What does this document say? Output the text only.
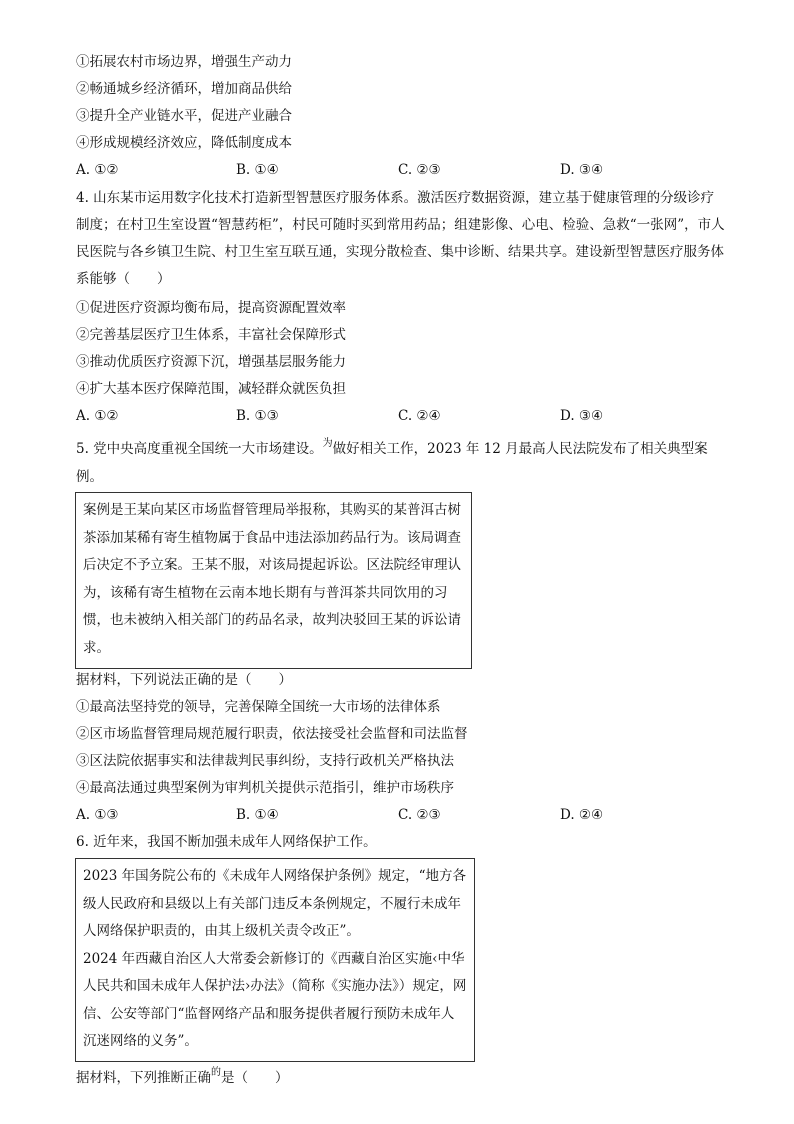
①拓展农村市场边界，增强生产动力
②畅通城乡经济循环，增加商品供给
③提升全产业链水平，促进产业融合
④形成规模经济效应，降低制度成本
A. ①②	B. ①④	C. ②③	D. ③④
4. 山东某市运用数字化技术打造新型智慧医疗服务体系。激活医疗数据资源，建立基于健康管理的分级诊疗制度；在村卫生室设置“智慧药柜”，村民可随时买到常用药品；组建影像、心电、检验、急救“一张网”，市人民医院与各乡镇卫生院、村卫生室互联互通，实现分散检查、集中诊断、结果共享。建设新型智慧医疗服务体系能够（　　）
①促进医疗资源均衡布局，提高资源配置效率
②完善基层医疗卫生体系，丰富社会保障形式
③推动优质医疗资源下沉，增强基层服务能力
④扩大基本医疗保障范围，减轻群众就医负担
A. ①②	B. ①③	C. ②④	D. ③④
5. 党中央高度重视全国统一大市场建设。$^为$做好相关工作，2023 年 12 月最高人民法院发布了相关典型案例。

案例是王某向某区市场监督管理局举报称，其购买的某普洱古树茶添加某稀有寄生植物属于食品中违法添加药品行为。该局调查后决定不予立案。王某不服，对该局提起诉讼。区法院经审理认为，该稀有寄生植物在云南本地长期有与普洱茶共同饮用的习惯，也未被纳入相关部门的药品名录，故判决驳回王某的诉讼请求。

据材料，下列说法正确的是（　　）
①最高法坚持党的领导，完善保障全国统一大市场的法律体系
②区市场监督管理局规范履行职责，依法接受社会监督和司法监督
③区法院依据事实和法律裁判民事纠纷，支持行政机关严格执法
④最高法通过典型案例为审判机关提供示范指引，维护市场秩序
A. ①③	B. ①④	C. ②③	D. ②④
6. 近年来，我国不断加强未成年人网络保护工作。

2023 年国务院公布的《未成年人网络保护条例》规定，“地方各级人民政府和县级以上有关部门违反本条例规定，不履行未成年人网络保护职责的，由其上级机关责令改正”。

2024 年西藏自治区人大常委会新修订的《西藏自治区实施‹中华人民共和国未成年人保护法›办法》（简称《实施办法》）规定，网信、公安等部门“监督网络产品和服务提供者履行预防未成年人沉迷网络的义务”。

据材料，下列推断正确$^的$是（　　）
